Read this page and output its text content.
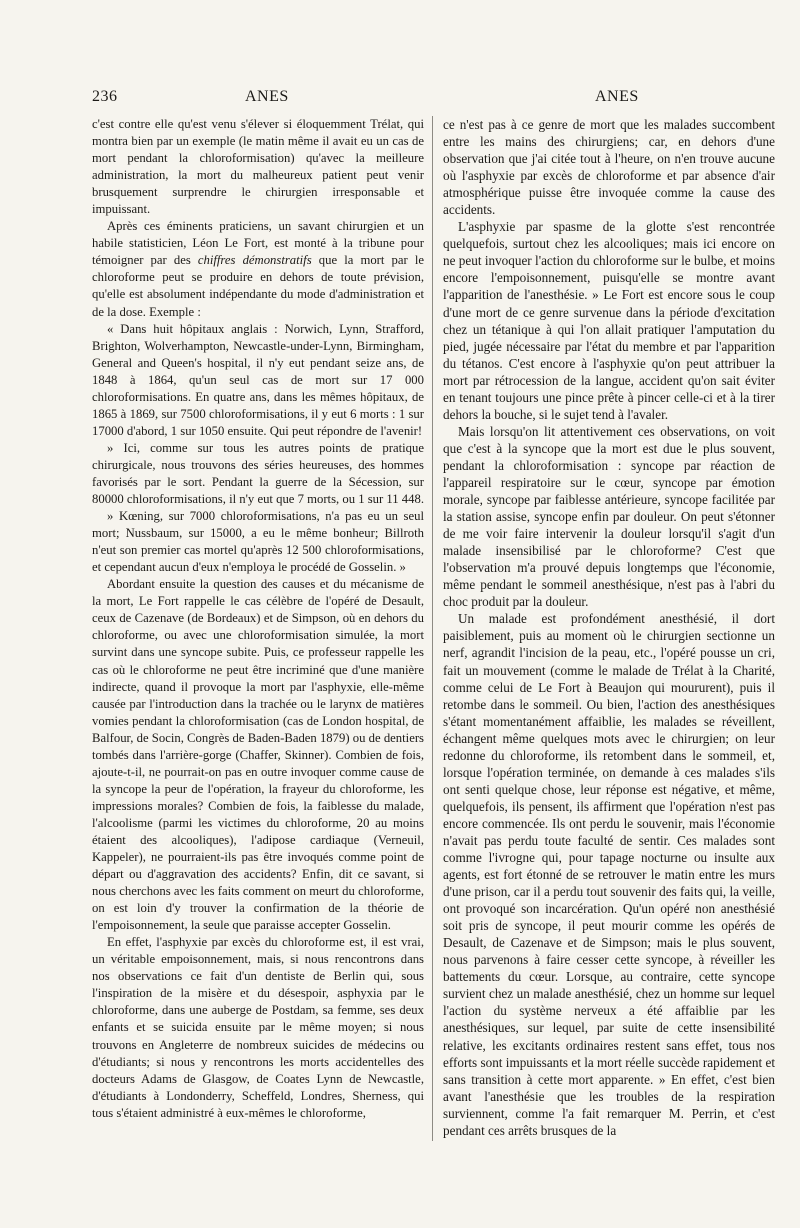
236	ANES	ANES

c'est contre elle qu'est venu s'élever si éloquemment Trélat, qui montra bien par un exemple (le matin même il avait eu un cas de mort pendant la chloroformisation) qu'avec la meilleure administration, la mort du malheureux patient peut venir brusquement surprendre le chirurgien irresponsable et impuissant.

Après ces éminents praticiens, un savant chirurgien et un habile statisticien, Léon Le Fort, est monté à la tribune pour témoigner par des chiffres démonstratifs que la mort par le chloroforme peut se produire en dehors de toute prévision, qu'elle est absolument indépendante du mode d'administration et de la dose. Exemple :

« Dans huit hôpitaux anglais : Norwich, Lynn, Strafford, Brighton, Wolverhampton, Newcastle-under-Lynn, Birmingham, General and Queen's hospital, il n'y eut pendant seize ans, de 1848 à 1864, qu'un seul cas de mort sur 17 000 chloroformisations. En quatre ans, dans les mêmes hôpitaux, de 1865 à 1869, sur 7500 chloroformisations, il y eut 6 morts : 1 sur 17000 d'abord, 1 sur 1050 ensuite. Qui peut répondre de l'avenir!

» Ici, comme sur tous les autres points de pratique chirurgicale, nous trouvons des séries heureuses, des hommes favorisés par le sort. Pendant la guerre de la Sécession, sur 80000 chloroformisations, il n'y eut que 7 morts, ou 1 sur 11 448.

» Kœning, sur 7000 chloroformisations, n'a pas eu un seul mort; Nussbaum, sur 15000, a eu le même bonheur; Billroth n'eut son premier cas mortel qu'après 12 500 chloroformisations, et cependant aucun d'eux n'employa le procédé de Gosselin. »

Abordant ensuite la question des causes et du mécanisme de la mort, Le Fort rappelle le cas célèbre de l'opéré de Desault, ceux de Cazenave (de Bordeaux) et de Simpson, où en dehors du chloroforme, ou avec une chloroformisation simulée, la mort survint dans une syncope subite. Puis, ce professeur rappelle les cas où le chloroforme ne peut être incriminé que d'une manière indirecte, quand il provoque la mort par l'asphyxie, elle-même causée par l'introduction dans la trachée ou le larynx de matières vomies pendant la chloroformisation (cas de London hospital, de Balfour, de Socin, Congrès de Baden-Baden 1879) ou de dentiers tombés dans l'arrière-gorge (Chaffer, Skinner). Combien de fois, ajoute-t-il, ne pourrait-on pas en outre invoquer comme cause de la syncope la peur de l'opération, la frayeur du chloroforme, les impressions morales? Combien de fois, la faiblesse du malade, l'alcoolisme (parmi les victimes du chloroforme, 20 au moins étaient des alcooliques), l'adipose cardiaque (Verneuil, Kappeler), ne pourraient-ils pas être invoqués comme point de départ ou d'aggravation des accidents? Enfin, dit ce savant, si nous cherchons avec les faits comment on meurt du chloroforme, on est loin d'y trouver la confirmation de la théorie de l'empoisonnement, la seule que paraisse accepter Gosselin.

En effet, l'asphyxie par excès du chloroforme est, il est vrai, un véritable empoisonnement, mais, si nous rencontrons dans nos observations ce fait d'un dentiste de Berlin qui, sous l'inspiration de la misère et du désespoir, asphyxia par le chloroforme, dans une auberge de Postdam, sa femme, ses deux enfants et se suicida ensuite par le même moyen; si nous trouvons en Angleterre de nombreux suicides de médecins ou d'étudiants; si nous y rencontrons les morts accidentelles des docteurs Adams de Glasgow, de Coates Lynn de Newcastle, d'étudiants à Londonderry, Scheffeld, Londres, Sherness, qui tous s'étaient administré à eux-mêmes le chloroforme,

ce n'est pas à ce genre de mort que les malades succombent entre les mains des chirurgiens; car, en dehors d'une observation que j'ai citée tout à l'heure, on n'en trouve aucune où l'asphyxie par excès de chloroforme et par absence d'air atmosphérique puisse être invoquée comme la cause des accidents.

L'asphyxie par spasme de la glotte s'est rencontrée quelquefois, surtout chez les alcooliques; mais ici encore on ne peut invoquer l'action du chloroforme sur le bulbe, et moins encore l'empoisonnement, puisqu'elle se montre avant l'apparition de l'anesthésie. » Le Fort est encore sous le coup d'une mort de ce genre survenue dans la période d'excitation chez un tétanique à qui l'on allait pratiquer l'amputation du pied, jugée nécessaire par l'état du membre et par l'apparition du tétanos. C'est encore à l'asphyxie qu'on peut attribuer la mort par rétrocession de la langue, accident qu'on sait éviter en tenant toujours une pince prête à pincer celle-ci et à la tirer dehors la bouche, si le sujet tend à l'avaler.

Mais lorsqu'on lit attentivement ces observations, on voit que c'est à la syncope que la mort est due le plus souvent, pendant la chloroformisation : syncope par réaction de l'appareil respiratoire sur le cœur, syncope par émotion morale, syncope par faiblesse antérieure, syncope facilitée par la station assise, syncope enfin par douleur. On peut s'étonner de me voir faire intervenir la douleur lorsqu'il s'agit d'un malade insensibilisé par le chloroforme? C'est que l'observation m'a prouvé depuis longtemps que l'économie, même pendant le sommeil anesthésique, n'est pas à l'abri du choc produit par la douleur.

Un malade est profondément anesthésié, il dort paisiblement, puis au moment où le chirurgien sectionne un nerf, agrandit l'incision de la peau, etc., l'opéré pousse un cri, fait un mouvement (comme le malade de Trélat à la Charité, comme celui de Le Fort à Beaujon qui moururent), puis il retombe dans le sommeil. Ou bien, l'action des anesthésiques s'étant momentanément affaiblie, les malades se réveillent, échangent même quelques mots avec le chirurgien; on leur redonne du chloroforme, ils retombent dans le sommeil, et, lorsque l'opération terminée, on demande à ces malades s'ils ont senti quelque chose, leur réponse est négative, et même, quelquefois, ils pensent, ils affirment que l'opération n'est pas encore commencée. Ils ont perdu le souvenir, mais l'économie n'avait pas perdu toute faculté de sentir. Ces malades sont comme l'ivrogne qui, pour tapage nocturne ou insulte aux agents, est fort étonné de se retrouver le matin entre les murs d'une prison, car il a perdu tout souvenir des faits qui, la veille, ont provoqué son incarcération. Qu'un opéré non anesthésié soit pris de syncope, il peut mourir comme les opérés de Desault, de Cazenave et de Simpson; mais le plus souvent, nous parvenons à faire cesser cette syncope, à réveiller les battements du cœur. Lorsque, au contraire, cette syncope survient chez un malade anesthésié, chez un homme sur lequel l'action du système nerveux a été affaiblie par les anesthésiques, sur lequel, par suite de cette insensibilité relative, les excitants ordinaires restent sans effet, tous nos efforts sont impuissants et la mort réelle succède rapidement et sans transition à cette mort apparente. » En effet, c'est bien avant l'anesthésie que les troubles de la respiration surviennent, comme l'a fait remarquer M. Perrin, et c'est pendant ces arrêts brusques de la
